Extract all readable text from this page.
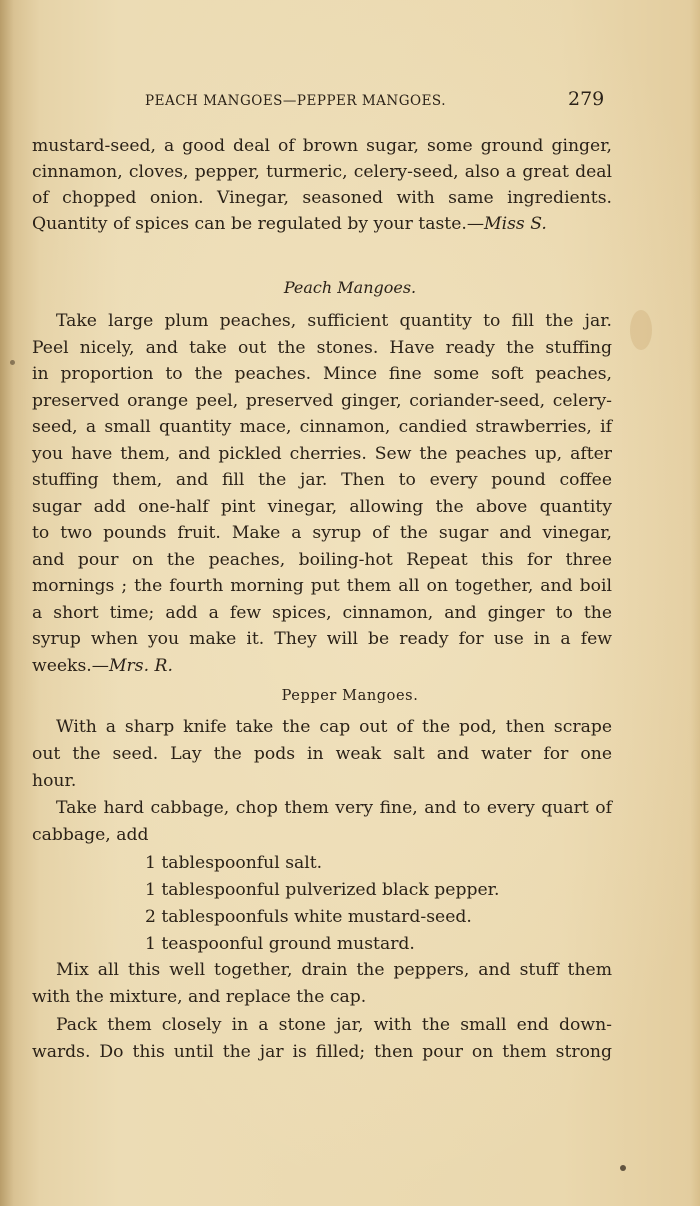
PEACH MANGOES—PEPPER MANGOES.	279
mustard-seed, a good deal of brown sugar, some ground ginger,
cinnamon, cloves, pepper, turmeric, celery-seed, also a great deal
of chopped onion. Vinegar, seasoned with same ingredients.
Quantity of spices can be regulated by your taste.—Miss S.
Peach Mangoes.
Take large plum peaches, sufficient quantity to fill the jar.
Peel nicely, and take out the stones. Have ready the stuffing
in proportion to the peaches. Mince fine some soft peaches,
preserved orange peel, preserved ginger, coriander-seed, celery-
seed, a small quantity mace, cinnamon, candied strawberries, if
you have them, and pickled cherries. Sew the peaches up, after
stuffing them, and fill the jar. Then to every pound coffee
sugar add one-half pint vinegar, allowing the above quantity
to two pounds fruit. Make a syrup of the sugar and vinegar,
and pour on the peaches, boiling-hot Repeat this for three
mornings ; the fourth morning put them all on together, and boil
a short time; add a few spices, cinnamon, and ginger to the
syrup when you make it. They will be ready for use in a few
weeks.—Mrs. R.
Pepper Mangoes.
With a sharp knife take the cap out of the pod, then scrape
out the seed. Lay the pods in weak salt and water for one
hour.
Take hard cabbage, chop them very fine, and to every quart of
cabbage, add
1 tablespoonful salt.
1 tablespoonful pulverized black pepper.
2 tablespoonfuls white mustard-seed.
1 teaspoonful ground mustard.
Mix all this well together, drain the peppers, and stuff them
with the mixture, and replace the cap.
Pack them closely in a stone jar, with the small end down-
wards. Do this until the jar is filled; then pour on them strong
